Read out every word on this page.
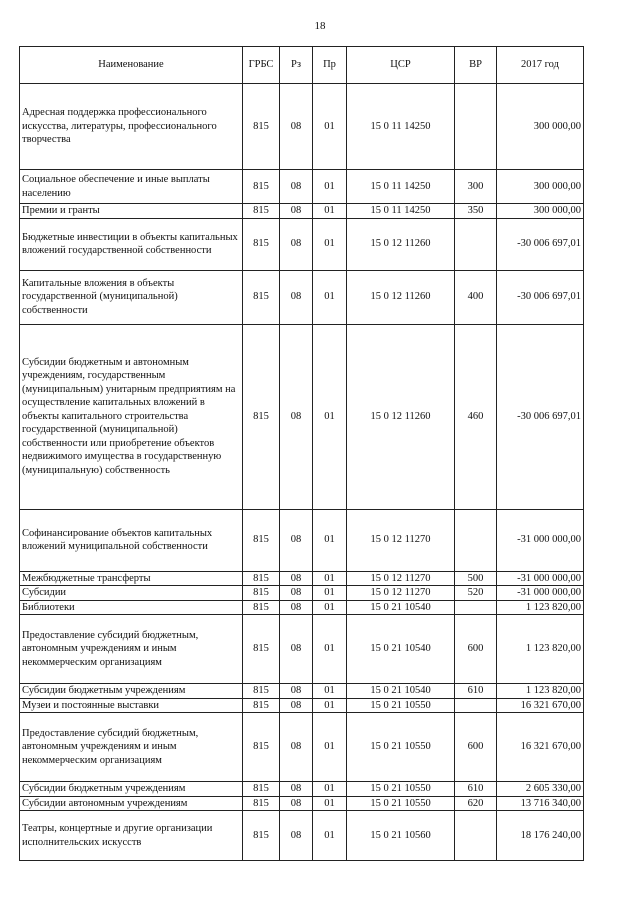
18
Наименование	ГРБС	Рз	Пр	ЦСР	ВР	2017 год
Адресная поддержка профессионального искусства, литературы, профессионального творчества	815	08	01	15 0 11 14250		300 000,00
Социальное обеспечение и иные выплаты населению	815	08	01	15 0 11 14250	300	300 000,00
Премии и гранты	815	08	01	15 0 11 14250	350	300 000,00
Бюджетные инвестиции в объекты капитальных вложений государственной собственности	815	08	01	15 0 12 11260		-30 006 697,01
Капитальные вложения в объекты государственной (муниципальной) собственности	815	08	01	15 0 12 11260	400	-30 006 697,01
Субсидии бюджетным и автономным учреждениям, государственным (муниципальным) унитарным предприятиям на осуществление капитальных вложений в объекты капитального строительства государственной (муниципальной) собственности или приобретение объектов недвижимого имущества в государственную (муниципальную) собственность	815	08	01	15 0 12 11260	460	-30 006 697,01
Софинансирование объектов капитальных вложений муниципальной собственности	815	08	01	15 0 12 11270		-31 000 000,00
Межбюджетные трансферты	815	08	01	15 0 12 11270	500	-31 000 000,00
Субсидии	815	08	01	15 0 12 11270	520	-31 000 000,00
Библиотеки	815	08	01	15 0 21 10540		1 123 820,00
Предоставление субсидий бюджетным, автономным учреждениям и иным некоммерческим организациям	815	08	01	15 0 21 10540	600	1 123 820,00
Субсидии бюджетным учреждениям	815	08	01	15 0 21 10540	610	1 123 820,00
Музеи и постоянные выставки	815	08	01	15 0 21 10550		16 321 670,00
Предоставление субсидий бюджетным, автономным учреждениям и иным некоммерческим организациям	815	08	01	15 0 21 10550	600	16 321 670,00
Субсидии бюджетным учреждениям	815	08	01	15 0 21 10550	610	2 605 330,00
Субсидии автономным учреждениям	815	08	01	15 0 21 10550	620	13 716 340,00
Театры, концертные и другие организации исполнительских искусств	815	08	01	15 0 21 10560		18 176 240,00
